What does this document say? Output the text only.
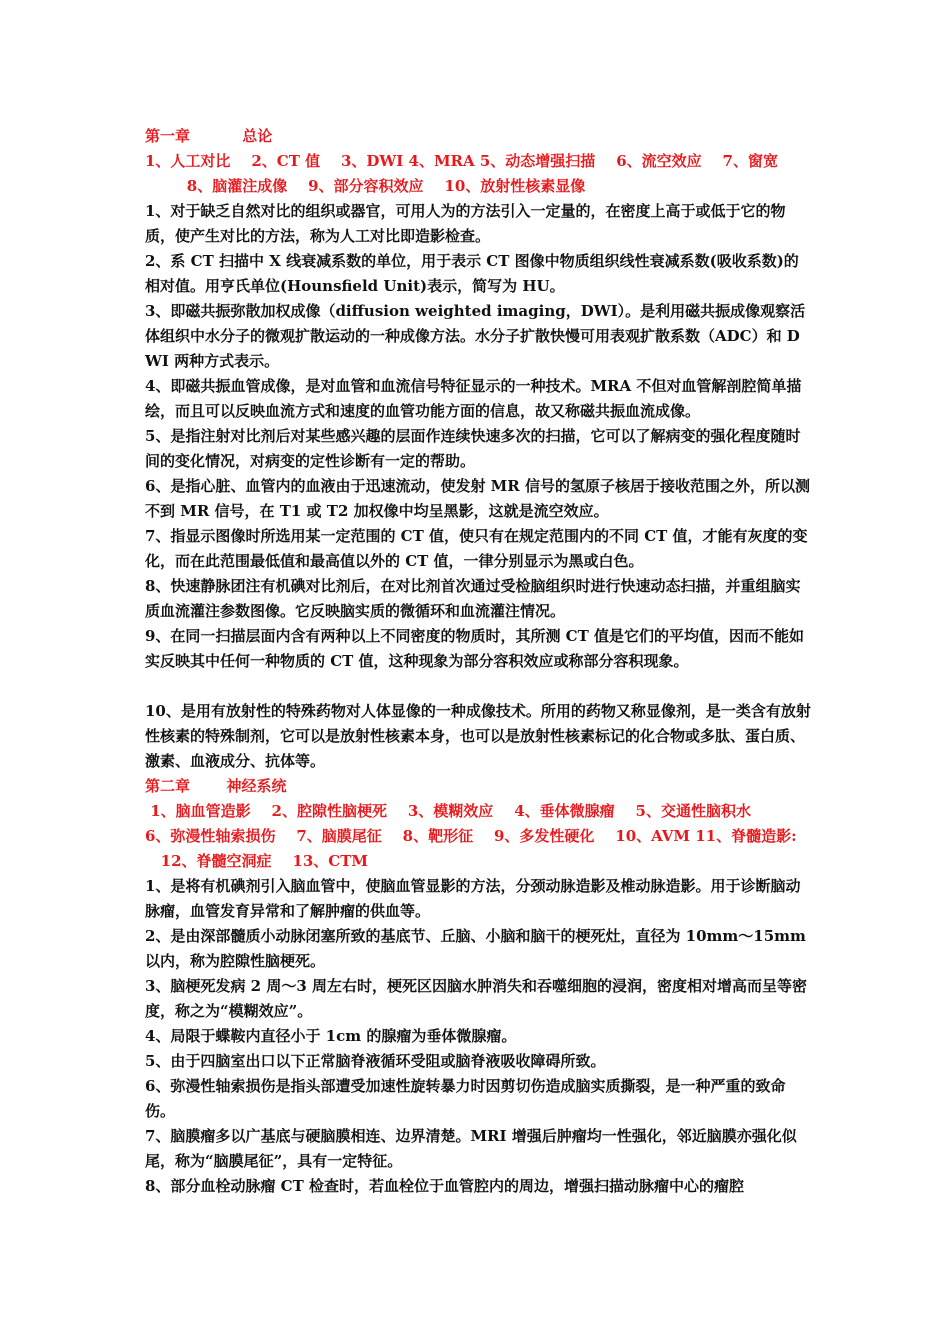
第一章          总论
1、人工对比    2、CT 值    3、DWI 4、MRA 5、动态增强扫描    6、流空效应    7、窗宽
8、脑灌注成像    9、部分容积效应    10、放射性核素显像

1、对于缺乏自然对比的组织或器官，可用人为的方法引入一定量的，在密度上高于或低于它的物质，使产生对比的方法，称为人工对比即造影检查。

2、系 CT 扫描中 X 线衰减系数的单位，用于表示 CT 图像中物质组织线性衰减系数(吸收系数)的相对值。用亨氏单位(Hounsfield Unit)表示，简写为 HU。

3、即磁共振弥散加权成像（diffusion weighted imaging，DWI）。是利用磁共振成像观察活体组织中水分子的微观扩散运动的一种成像方法。水分子扩散快慢可用表观扩散系数（ADC）和 DWI 两种方式表示。

4、即磁共振血管成像，是对血管和血流信号特征显示的一种技术。MRA 不但对血管解剖腔简单描绘，而且可以反映血流方式和速度的血管功能方面的信息，故又称磁共振血流成像。

5、是指注射对比剂后对某些感兴趣的层面作连续快速多次的扫描，它可以了解病变的强化程度随时间的变化情况，对病变的定性诊断有一定的帮助。

6、是指心脏、血管内的血液由于迅速流动，使发射 MR 信号的氢原子核居于接收范围之外，所以测不到 MR 信号，在 T1 或 T2 加权像中均呈黑影，这就是流空效应。

7、指显示图像时所选用某一定范围的 CT 值，使只有在规定范围内的不同 CT 值，才能有灰度的变化，而在此范围最低值和最高值以外的 CT 值，一律分别显示为黑或白色。

8、快速静脉团注有机碘对比剂后，在对比剂首次通过受检脑组织时进行快速动态扫描，并重组脑实质血流灌注参数图像。它反映脑实质的微循环和血流灌注情况。

9、在同一扫描层面内含有两种以上不同密度的物质时，其所测 CT 值是它们的平均值，因而不能如实反映其中任何一种物质的 CT 值，这种现象为部分容积效应或称部分容积现象。

10、是用有放射性的特殊药物对人体显像的一种成像技术。所用的药物又称显像剂，是一类含有放射性核素的特殊制剂，它可以是放射性核素本身，也可以是放射性核素标记的化合物或多肽、蛋白质、激素、血液成分、抗体等。

第二章       神经系统
1、脑血管造影    2、腔隙性脑梗死    3、模糊效应    4、垂体微腺瘤    5、交通性脑积水
6、弥漫性轴索损伤    7、脑膜尾征    8、靶形征    9、多发性硬化    10、AVM 11、脊髓造影:
12、脊髓空洞症    13、CTM

1、是将有机碘剂引入脑血管中，使脑血管显影的方法，分颈动脉造影及椎动脉造影。用于诊断脑动脉瘤，血管发育异常和了解肿瘤的供血等。

2、是由深部髓质小动脉闭塞所致的基底节、丘脑、小脑和脑干的梗死灶，直径为 10mm～15mm 以内，称为腔隙性脑梗死。

3、脑梗死发病 2 周～3 周左右时，梗死区因脑水肿消失和吞噬细胞的浸润，密度相对增高而呈等密度，称之为“模糊效应”。

4、局限于蝶鞍内直径小于 1cm 的腺瘤为垂体微腺瘤。

5、由于四脑室出口以下正常脑脊液循环受阻或脑脊液吸收障碍所致。

6、弥漫性轴索损伤是指头部遭受加速性旋转暴力时因剪切伤造成脑实质撕裂，是一种严重的致命伤。

7、脑膜瘤多以广基底与硬脑膜相连、边界清楚。MRI 增强后肿瘤均一性强化，邻近脑膜亦强化似尾，称为“脑膜尾征”，具有一定特征。

8、部分血栓动脉瘤 CT 检查时，若血栓位于血管腔内的周边，增强扫描动脉瘤中心的瘤腔
